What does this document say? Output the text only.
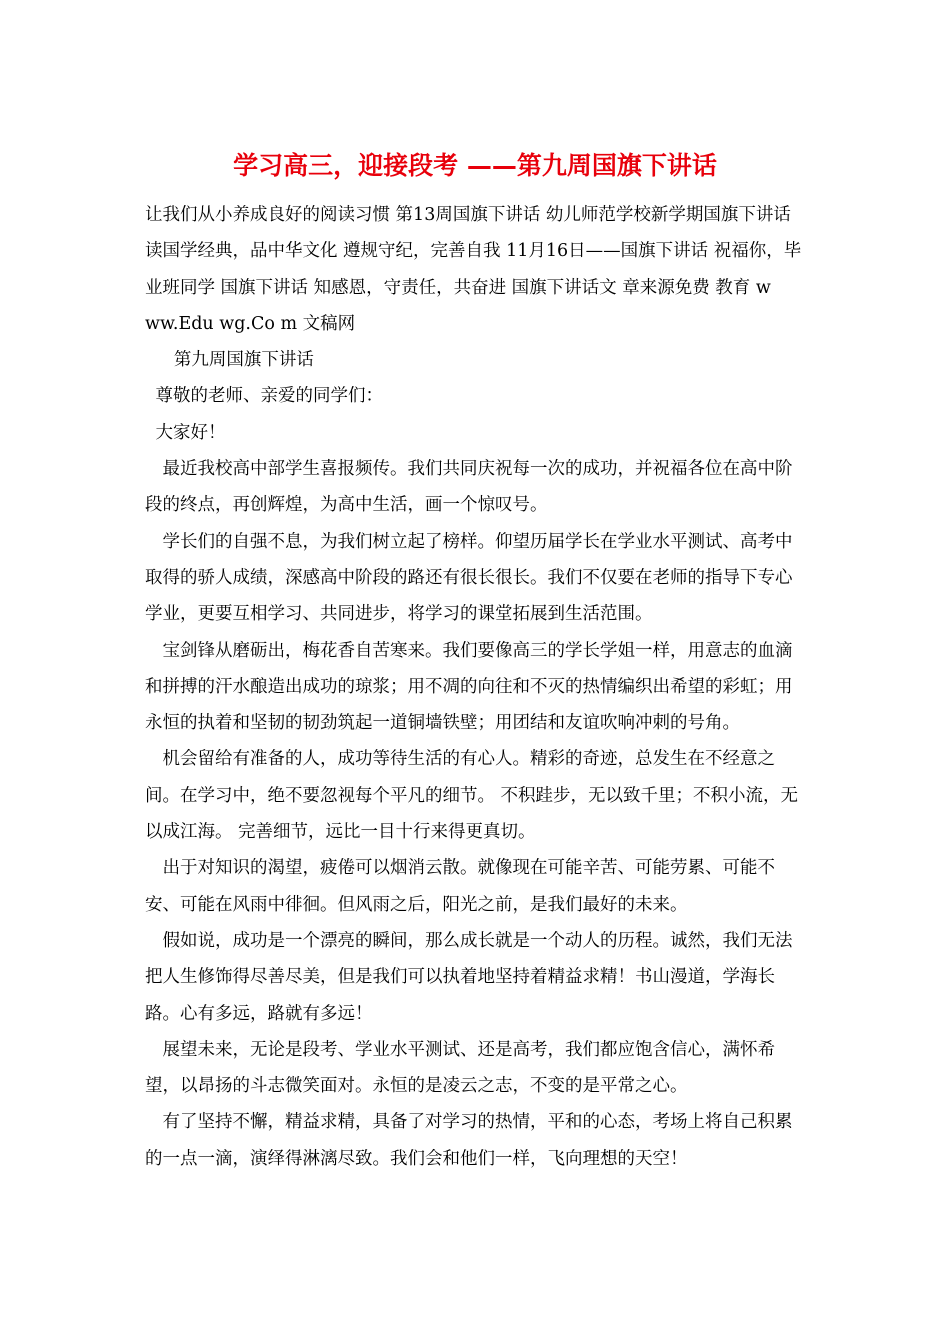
学习高三，迎接段考 ——第九周国旗下讲话

让我们从小养成良好的阅读习惯 第13周国旗下讲话 幼儿师范学校新学期国旗下讲话 读国学经典，品中华文化 遵规守纪，完善自我 11月16日——国旗下讲话 祝福你，毕业班同学 国旗下讲话 知感恩，守责任，共奋进 国旗下讲话文 章来源免费 教育 w ww.Edu wg.Co m 文稿网

第九周国旗下讲话

尊敬的老师、亲爱的同学们：

大家好！

最近我校高中部学生喜报频传。我们共同庆祝每一次的成功，并祝福各位在高中阶段的终点，再创辉煌，为高中生活，画一个惊叹号。

学长们的自强不息，为我们树立起了榜样。仰望历届学长在学业水平测试、高考中取得的骄人成绩，深感高中阶段的路还有很长很长。我们不仅要在老师的指导下专心学业，更要互相学习、共同进步，将学习的课堂拓展到生活范围。

宝剑锋从磨砺出，梅花香自苦寒来。我们要像高三的学长学姐一样，用意志的血滴和拼搏的汗水酿造出成功的琼浆；用不凋的向往和不灭的热情编织出希望的彩虹；用永恒的执着和坚韧的韧劲筑起一道铜墙铁壁；用团结和友谊吹响冲刺的号角。

机会留给有准备的人，成功等待生活的有心人。精彩的奇迹，总发生在不经意之间。在学习中，绝不要忽视每个平凡的细节。 不积跬步，无以致千里；不积小流，无以成江海。 完善细节，远比一目十行来得更真切。

出于对知识的渴望，疲倦可以烟消云散。就像现在可能辛苦、可能劳累、可能不安、可能在风雨中徘徊。但风雨之后，阳光之前，是我们最好的未来。

假如说，成功是一个漂亮的瞬间，那么成长就是一个动人的历程。诚然，我们无法把人生修饰得尽善尽美，但是我们可以执着地坚持着精益求精！书山漫道，学海长路。心有多远，路就有多远！

展望未来，无论是段考、学业水平测试、还是高考，我们都应饱含信心，满怀希望，以昂扬的斗志微笑面对。永恒的是凌云之志，不变的是平常之心。

有了坚持不懈，精益求精，具备了对学习的热情，平和的心态，考场上将自己积累的一点一滴，演绎得淋漓尽致。我们会和他们一样，飞向理想的天空！
